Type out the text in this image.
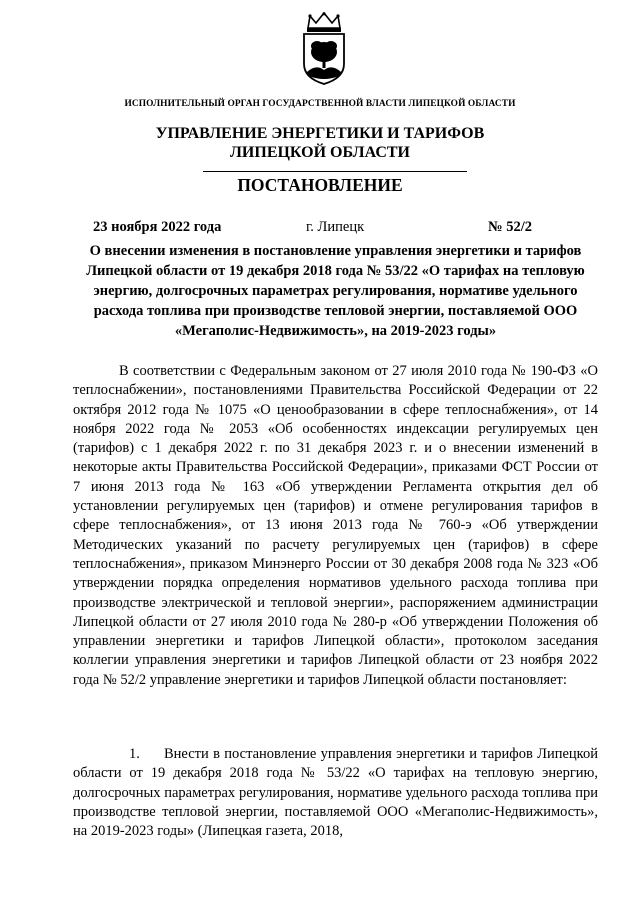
ИСПОЛНИТЕЛЬНЫЙ ОРГАН ГОСУДАРСТВЕННОЙ ВЛАСТИ ЛИПЕЦКОЙ ОБЛАСТИ
УПРАВЛЕНИЕ ЭНЕРГЕТИКИ И ТАРИФОВ
ЛИПЕЦКОЙ ОБЛАСТИ
ПОСТАНОВЛЕНИЕ
23 ноября 2022 года	г. Липецк	№ 52/2
О внесении изменения в постановление управления энергетики и тарифов Липецкой области от 19 декабря 2018 года № 53/22 «О тарифах на тепловую энергию, долгосрочных параметрах регулирования, нормативе удельного расхода топлива при производстве тепловой энергии, поставляемой ООО «Мегаполис-Недвижимость», на 2019-2023 годы»
В соответствии с Федеральным законом от 27 июля 2010 года № 190-ФЗ «О теплоснабжении», постановлениями Правительства Российской Федерации от 22 октября 2012 года № 1075 «О ценообразовании в сфере теплоснабжения», от 14 ноября 2022 года № 2053 «Об особенностях индексации регулируемых цен (тарифов) с 1 декабря 2022 г. по 31 декабря 2023 г. и о внесении изменений в некоторые акты Правительства Российской Федерации», приказами ФСТ России от 7 июня 2013 года № 163 «Об утверждении Регламента открытия дел об установлении регулируемых цен (тарифов) и отмене регулирования тарифов в сфере теплоснабжения», от 13 июня 2013 года № 760-э «Об утверждении Методических указаний по расчету регулируемых цен (тарифов) в сфере теплоснабжения», приказом Минэнерго России от 30 декабря 2008 года № 323 «Об утверждении порядка определения нормативов удельного расхода топлива при производстве электрической и тепловой энергии», распоряжением администрации Липецкой области от 27 июля 2010 года № 280-р «Об утверждении Положения об управлении энергетики и тарифов Липецкой области», протоколом заседания коллегии управления энергетики и тарифов Липецкой области от 23 ноября 2022 года № 52/2 управление энергетики и тарифов Липецкой области постановляет:
1. Внести в постановление управления энергетики и тарифов Липецкой области от 19 декабря 2018 года № 53/22 «О тарифах на тепловую энергию, долгосрочных параметрах регулирования, нормативе удельного расхода топлива при производстве тепловой энергии, поставляемой ООО «Мегаполис-Недвижимость», на 2019-2023 годы» (Липецкая газета, 2018,
